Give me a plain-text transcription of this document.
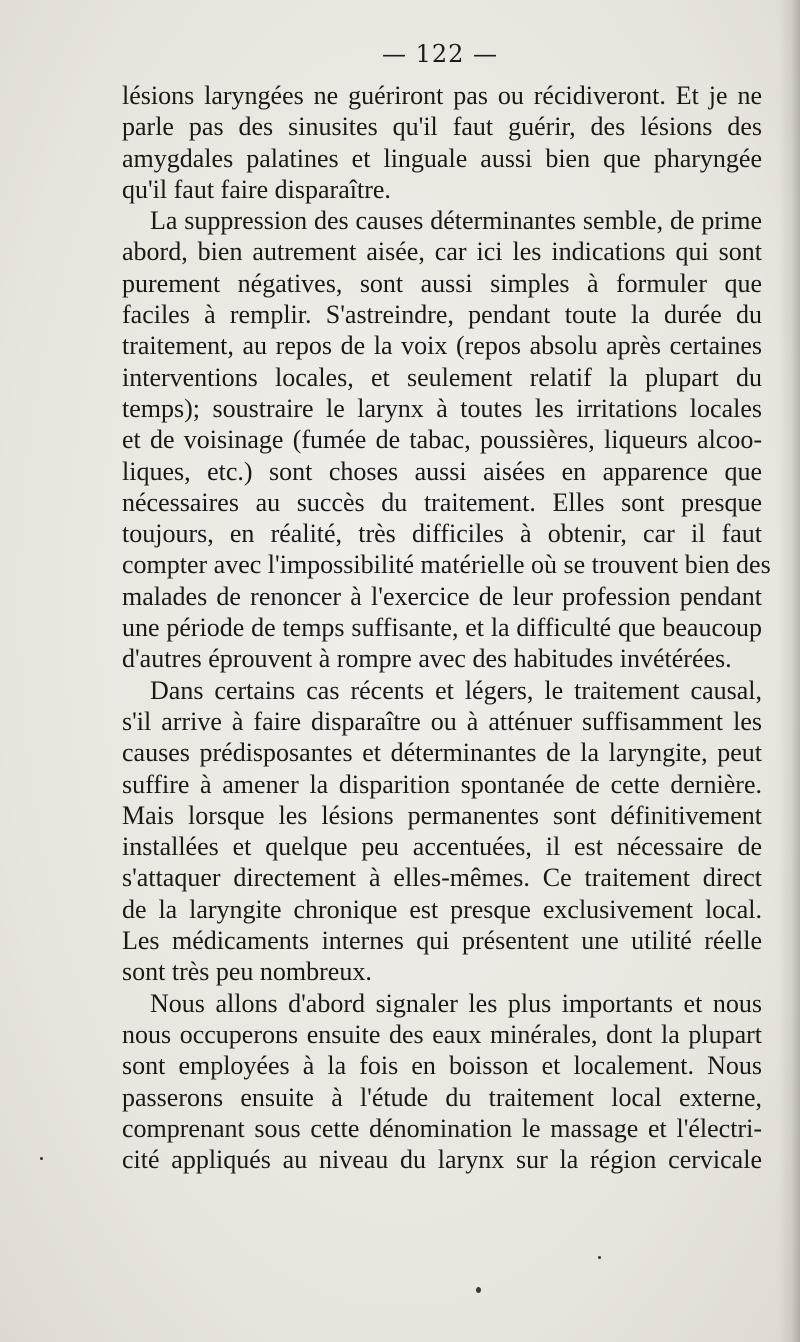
— 122 —
lésions laryngées ne guériront pas ou récidiveront. Et je ne
parle pas des sinusites qu'il faut guérir, des lésions des
amygdales palatines et linguale aussi bien que pharyngée
qu'il faut faire disparaître.
La suppression des causes déterminantes semble, de prime
abord, bien autrement aisée, car ici les indications qui sont
purement négatives, sont aussi simples à formuler que
faciles à remplir. S'astreindre, pendant toute la durée du
traitement, au repos de la voix (repos absolu après certaines
interventions locales, et seulement relatif la plupart du
temps); soustraire le larynx à toutes les irritations locales
et de voisinage (fumée de tabac, poussières, liqueurs alcoo-
liques, etc.) sont choses aussi aisées en apparence que
nécessaires au succès du traitement. Elles sont presque
toujours, en réalité, très difficiles à obtenir, car il faut
compter avec l'impossibilité matérielle où se trouvent bien des
malades de renoncer à l'exercice de leur profession pendant
une période de temps suffisante, et la difficulté que beaucoup
d'autres éprouvent à rompre avec des habitudes invétérées.
Dans certains cas récents et légers, le traitement causal,
s'il arrive à faire disparaître ou à atténuer suffisamment les
causes prédisposantes et déterminantes de la laryngite, peut
suffire à amener la disparition spontanée de cette dernière.
Mais lorsque les lésions permanentes sont définitivement
installées et quelque peu accentuées, il est nécessaire de
s'attaquer directement à elles-mêmes. Ce traitement direct
de la laryngite chronique est presque exclusivement local.
Les médicaments internes qui présentent une utilité réelle
sont très peu nombreux.
Nous allons d'abord signaler les plus importants et nous
nous occuperons ensuite des eaux minérales, dont la plupart
sont employées à la fois en boisson et localement. Nous
passerons ensuite à l'étude du traitement local externe,
comprenant sous cette dénomination le massage et l'électri-
cité appliqués au niveau du larynx sur la région cervicale
